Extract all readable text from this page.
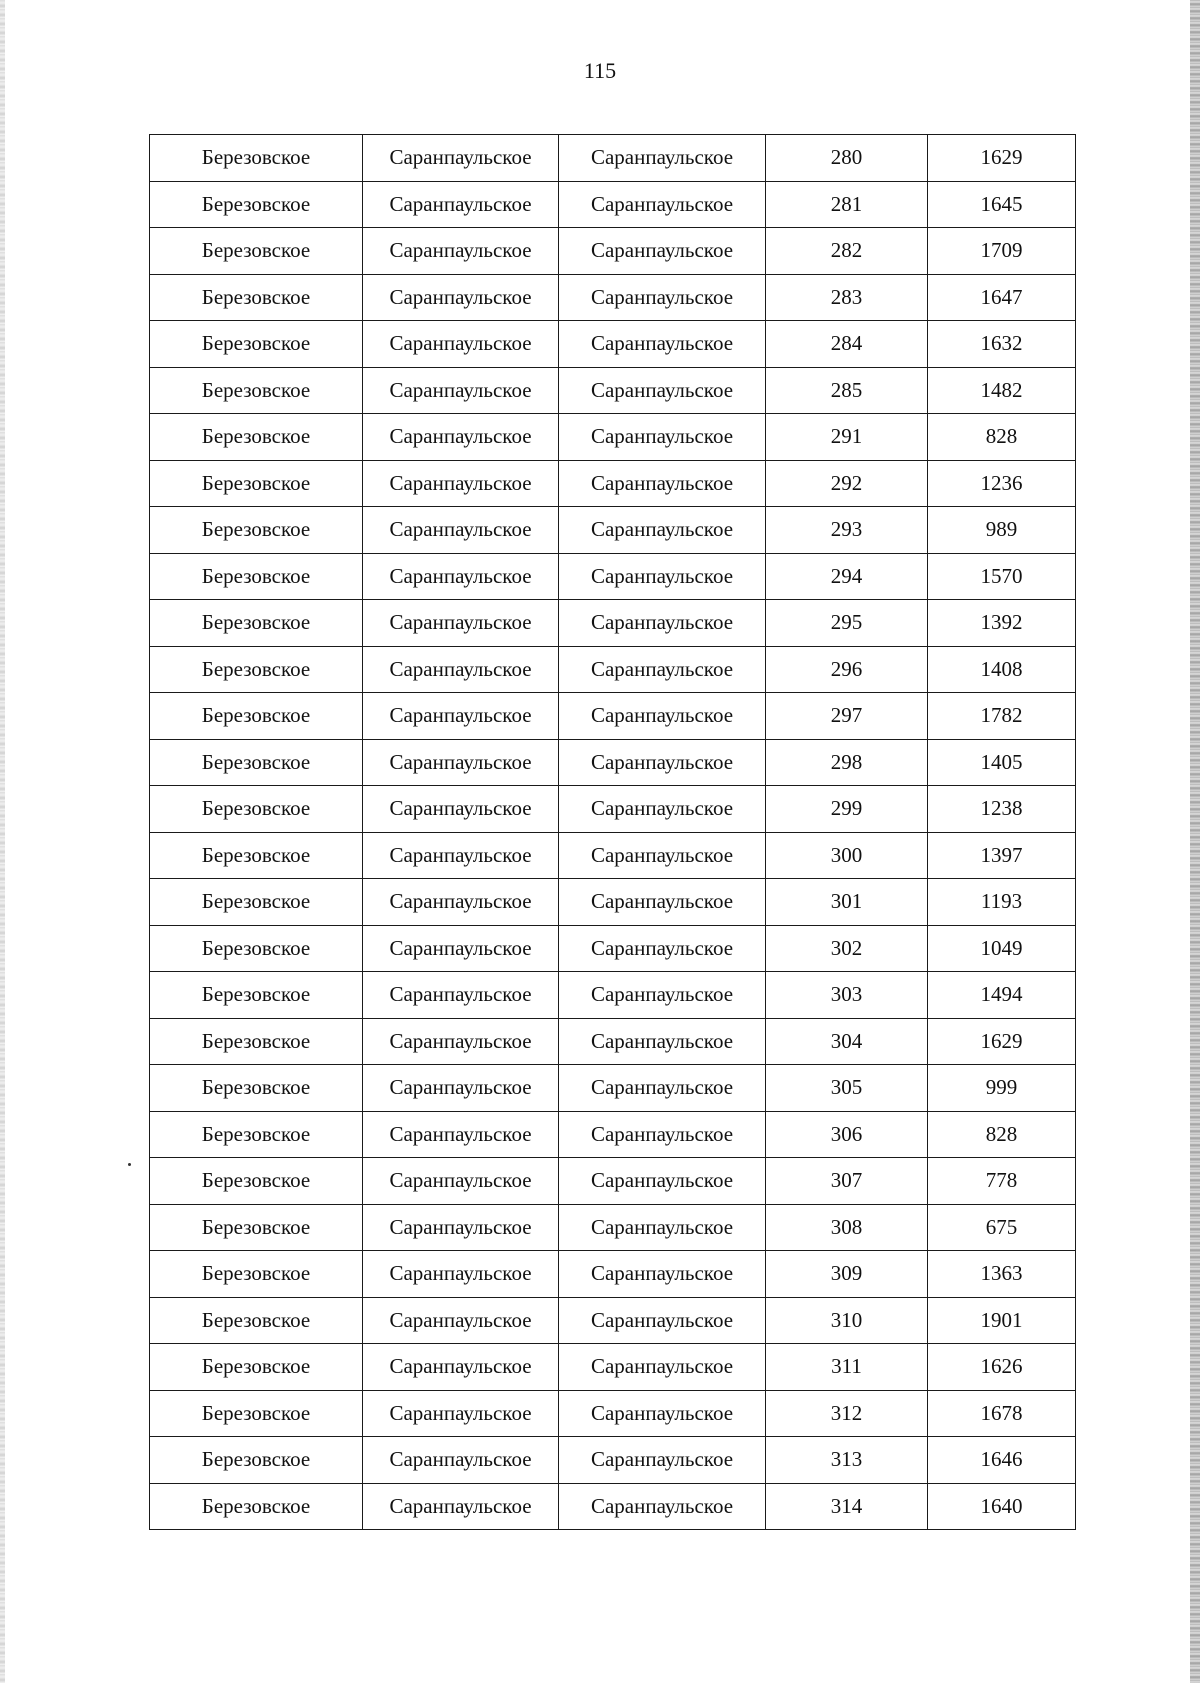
115
Березовское	Саранпаульское	Саранпаульское	280	1629
Березовское	Саранпаульское	Саранпаульское	281	1645
Березовское	Саранпаульское	Саранпаульское	282	1709
Березовское	Саранпаульское	Саранпаульское	283	1647
Березовское	Саранпаульское	Саранпаульское	284	1632
Березовское	Саранпаульское	Саранпаульское	285	1482
Березовское	Саранпаульское	Саранпаульское	291	828
Березовское	Саранпаульское	Саранпаульское	292	1236
Березовское	Саранпаульское	Саранпаульское	293	989
Березовское	Саранпаульское	Саранпаульское	294	1570
Березовское	Саранпаульское	Саранпаульское	295	1392
Березовское	Саранпаульское	Саранпаульское	296	1408
Березовское	Саранпаульское	Саранпаульское	297	1782
Березовское	Саранпаульское	Саранпаульское	298	1405
Березовское	Саранпаульское	Саранпаульское	299	1238
Березовское	Саранпаульское	Саранпаульское	300	1397
Березовское	Саранпаульское	Саранпаульское	301	1193
Березовское	Саранпаульское	Саранпаульское	302	1049
Березовское	Саранпаульское	Саранпаульское	303	1494
Березовское	Саранпаульское	Саранпаульское	304	1629
Березовское	Саранпаульское	Саранпаульское	305	999
Березовское	Саранпаульское	Саранпаульское	306	828
Березовское	Саранпаульское	Саранпаульское	307	778
Березовское	Саранпаульское	Саранпаульское	308	675
Березовское	Саранпаульское	Саранпаульское	309	1363
Березовское	Саранпаульское	Саранпаульское	310	1901
Березовское	Саранпаульское	Саранпаульское	311	1626
Березовское	Саранпаульское	Саранпаульское	312	1678
Березовское	Саранпаульское	Саранпаульское	313	1646
Березовское	Саранпаульское	Саранпаульское	314	1640
